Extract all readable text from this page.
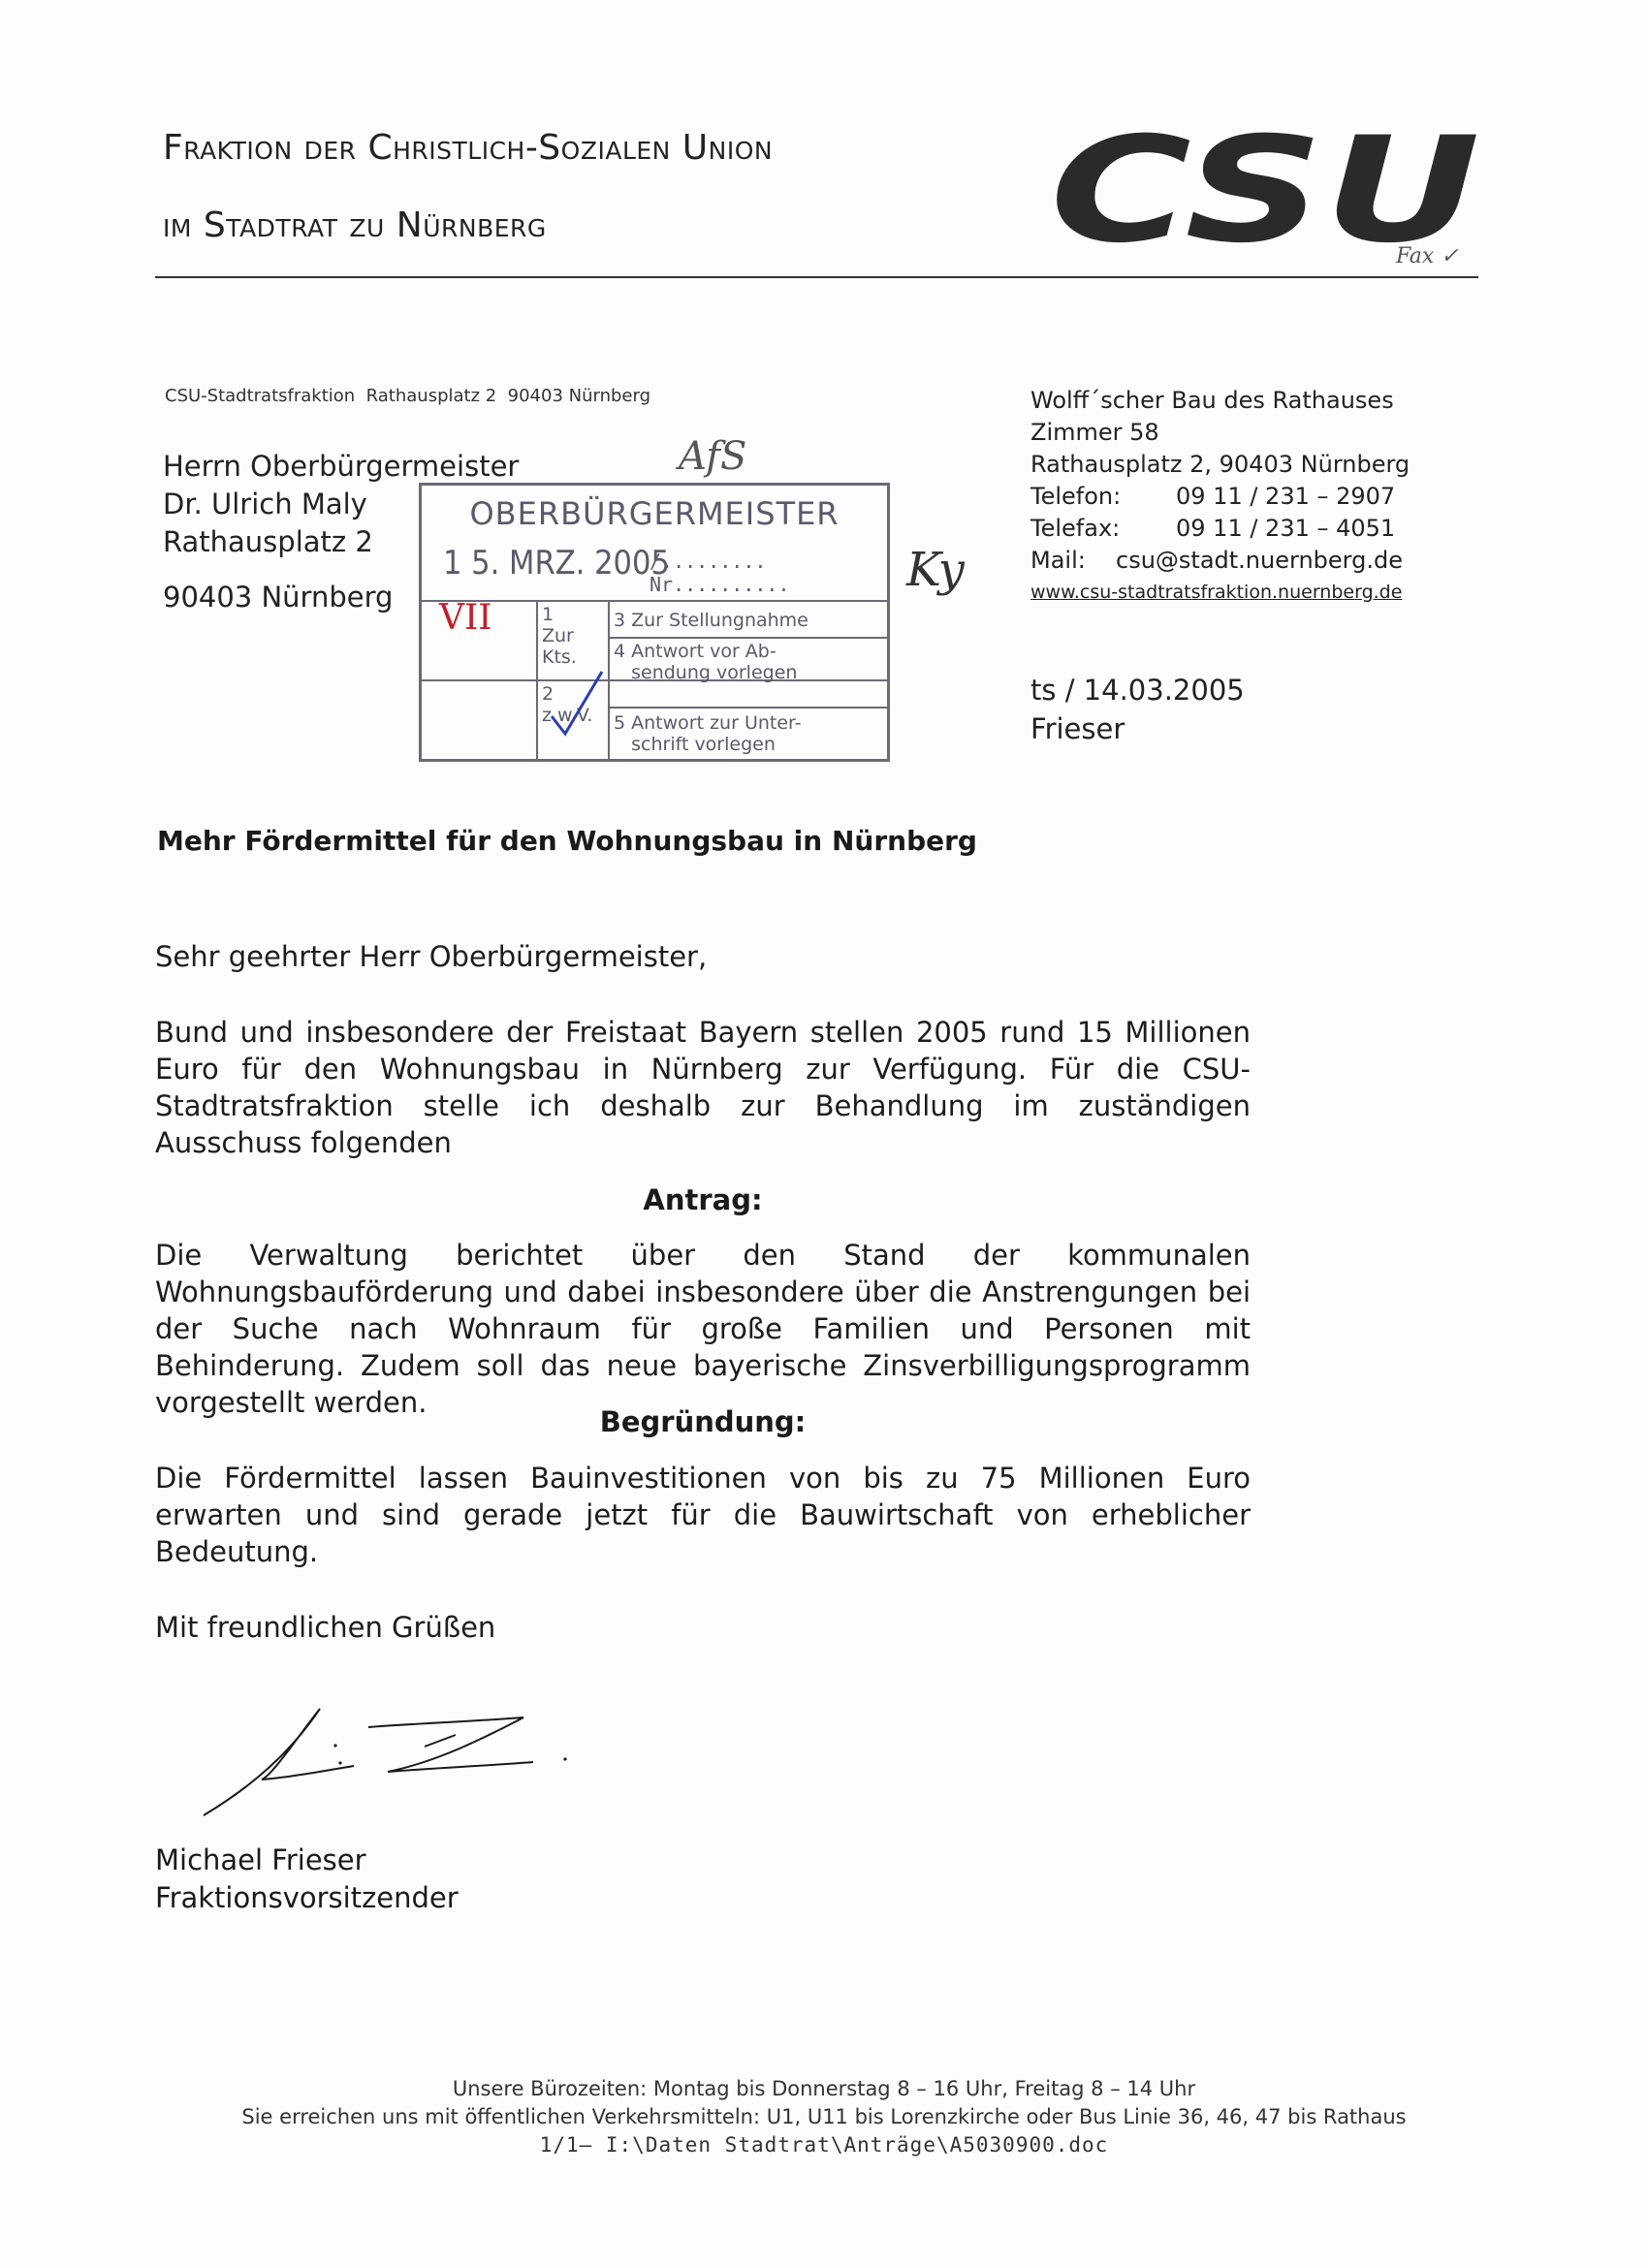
Fraktion der Christlich-Sozialen Union
im Stadtrat zu Nürnberg	CSU
Fax ✓
CSU-Stadtratsfraktion  Rathausplatz 2  90403 Nürnberg
Herrn Oberbürgermeister
Dr. Ulrich Maly
Rathausplatz 2
90403 Nürnberg
Wolff´scher Bau des Rathauses
Zimmer 58
Rathausplatz 2, 90403 Nürnberg
Telefon: 09 11 / 231 – 2907
Telefax: 09 11 / 231 – 4051
Mail: csu@stadt.nuernberg.de
www.csu-stadtratsfraktion.nuernberg.de
ts / 14.03.2005
Frieser
AfS
OBERBÜRGERMEISTER
1 5. MRZ. 2005
/......... Nr..........
VII	1
Zur
Kts.
2
z.w.V.
3 Zur Stellungnahme
4 Antwort vor Ab-
sendung vorlegen
5 Antwort zur Unter-
schrift vorlegen
Ky
Mehr Fördermittel für den Wohnungsbau in Nürnberg
Sehr geehrter Herr Oberbürgermeister,
Bund und insbesondere der Freistaat Bayern stellen 2005 rund 15 Millionen Euro für den Wohnungsbau in Nürnberg zur Verfügung. Für die CSU-Stadtratsfraktion stelle ich deshalb zur Behandlung im zuständigen Ausschuss folgenden
Antrag:
Die Verwaltung berichtet über den Stand der kommunalen Wohnungsbauförderung und dabei insbesondere über die Anstrengungen bei der Suche nach Wohnraum für große Familien und Personen mit Behinderung. Zudem soll das neue bayerische Zinsverbilligungsprogramm vorgestellt werden.
Begründung:
Die Fördermittel lassen Bauinvestitionen von bis zu 75 Millionen Euro erwarten und sind gerade jetzt für die Bauwirtschaft von erheblicher Bedeutung.
Mit freundlichen Grüßen
Michael Frieser
Fraktionsvorsitzender
Unsere Bürozeiten: Montag bis Donnerstag 8 – 16 Uhr, Freitag 8 – 14 Uhr
Sie erreichen uns mit öffentlichen Verkehrsmitteln: U1, U11 bis Lorenzkirche oder Bus Linie 36, 46, 47 bis Rathaus
1/1– I:\Daten Stadtrat\Anträge\A5030900.doc
